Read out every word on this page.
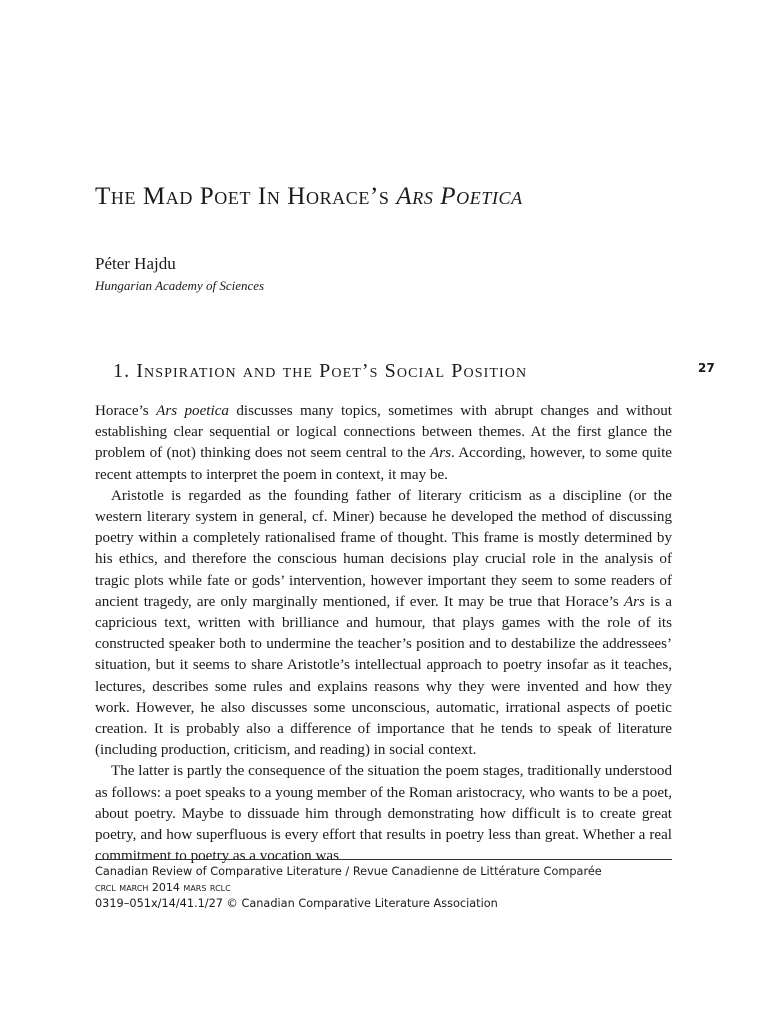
The Mad Poet In Horace’s Ars Poetica
Péter Hajdu
Hungarian Academy of Sciences
1. Inspiration and the Poet’s Social Position	27

Horace’s Ars poetica discusses many topics, sometimes with abrupt changes and without establishing clear sequential or logical connections between themes. At the first glance the problem of (not) thinking does not seem central to the Ars. According, however, to some quite recent attempts to interpret the poem in context, it may be.

Aristotle is regarded as the founding father of literary criticism as a discipline (or the western literary system in general, cf. Miner) because he developed the method of discussing poetry within a completely rationalised frame of thought. This frame is mostly determined by his ethics, and therefore the conscious human decisions play crucial role in the analysis of tragic plots while fate or gods’ intervention, however important they seem to some readers of ancient tragedy, are only marginally mentioned, if ever. It may be true that Horace’s Ars is a capricious text, written with brilliance and humour, that plays games with the role of its constructed speaker both to undermine the teacher’s position and to destabilize the addressees’ situation, but it seems to share Aristotle’s intellectual approach to poetry insofar as it teaches, lectures, describes some rules and explains reasons why they were invented and how they work. However, he also discusses some unconscious, automatic, irrational aspects of poetic creation. It is probably also a difference of importance that he tends to speak of literature (including production, criticism, and reading) in social context.

The latter is partly the consequence of the situation the poem stages, traditionally understood as follows: a poet speaks to a young member of the Roman aristocracy, who wants to be a poet, about poetry. Maybe to dissuade him through demonstrating how difficult is to create great poetry, and how superfluous is every effort that results in poetry less than great. Whether a real commitment to poetry as a vocation was

Canadian Review of Comparative Literature / Revue Canadienne de Littérature Comparée
crcl march 2014 mars rclc
0319–051x/14/41.1/27 © Canadian Comparative Literature Association
